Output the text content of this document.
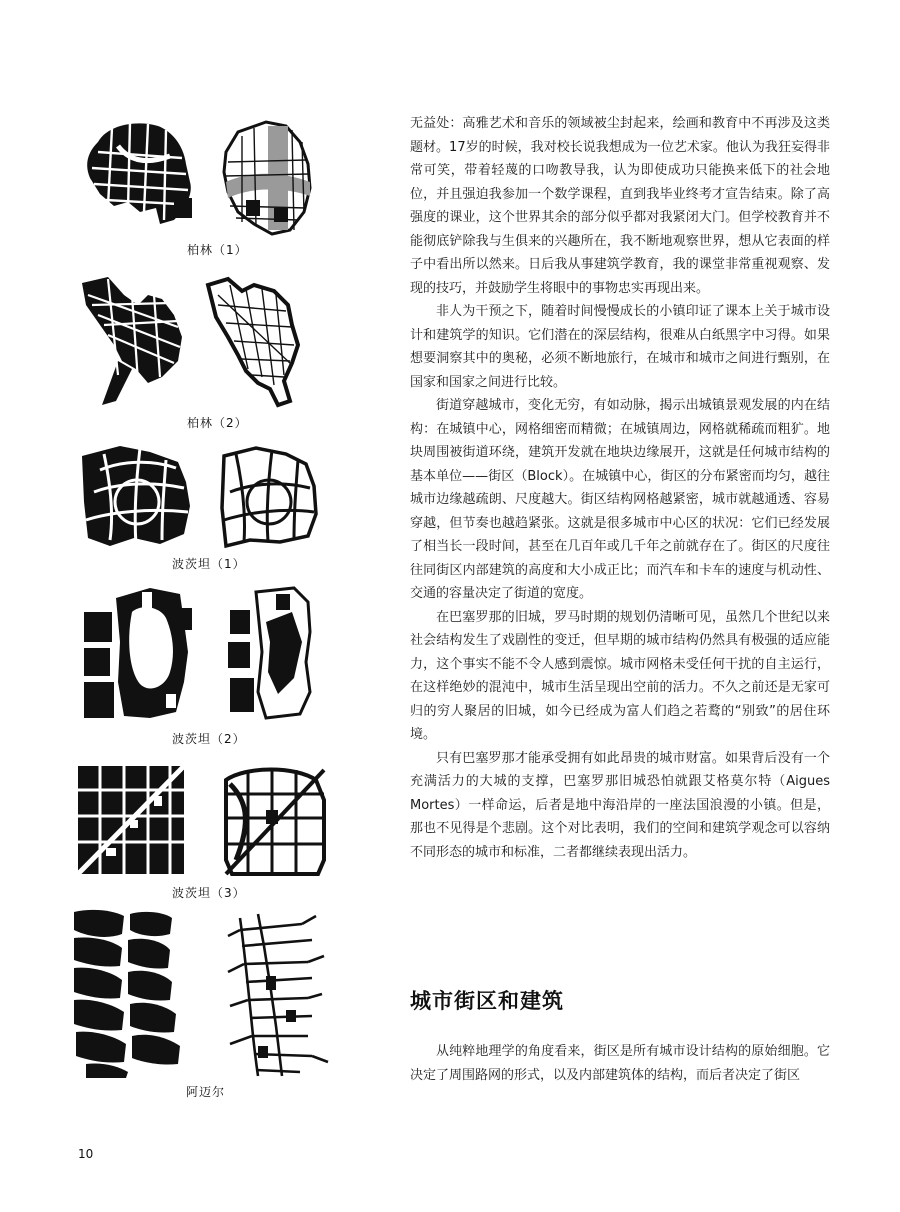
柏林（1）
柏林（2）
波茨坦（1）
波茨坦（2）
波茨坦（3）
阿迈尔

无益处：高雅艺术和音乐的领域被尘封起来，绘画和教育中不再涉及这类题材。17岁的时候，我对校长说我想成为一位艺术家。他认为我狂妄得非常可笑，带着轻蔑的口吻教导我，认为即使成功只能换来低下的社会地位，并且强迫我参加一个数学课程，直到我毕业终考才宣告结束。除了高强度的课业，这个世界其余的部分似乎都对我紧闭大门。但学校教育并不能彻底铲除我与生俱来的兴趣所在，我不断地观察世界，想从它表面的样子中看出所以然来。日后我从事建筑学教育，我的课堂非常重视观察、发现的技巧，并鼓励学生将眼中的事物忠实再现出来。

非人为干预之下，随着时间慢慢成长的小镇印证了课本上关于城市设计和建筑学的知识。它们潜在的深层结构，很难从白纸黑字中习得。如果想要洞察其中的奥秘，必须不断地旅行，在城市和城市之间进行甄别，在国家和国家之间进行比较。

街道穿越城市，变化无穷，有如动脉，揭示出城镇景观发展的内在结构：在城镇中心，网格细密而精微；在城镇周边，网格就稀疏而粗犷。地块周围被街道环绕，建筑开发就在地块边缘展开，这就是任何城市结构的基本单位——街区（Block）。在城镇中心，街区的分布紧密而均匀，越往城市边缘越疏朗、尺度越大。街区结构网格越紧密，城市就越通透、容易穿越，但节奏也越趋紧张。这就是很多城市中心区的状况：它们已经发展了相当长一段时间，甚至在几百年或几千年之前就存在了。街区的尺度往往同街区内部建筑的高度和大小成正比；而汽车和卡车的速度与机动性、交通的容量决定了街道的宽度。

在巴塞罗那的旧城，罗马时期的规划仍清晰可见，虽然几个世纪以来社会结构发生了戏剧性的变迁，但早期的城市结构仍然具有极强的适应能力，这个事实不能不令人感到震惊。城市网格未受任何干扰的自主运行，在这样绝妙的混沌中，城市生活呈现出空前的活力。不久之前还是无家可归的穷人聚居的旧城，如今已经成为富人们趋之若鹜的“别致”的居住环境。

只有巴塞罗那才能承受拥有如此昂贵的城市财富。如果背后没有一个充满活力的大城的支撑，巴塞罗那旧城恐怕就跟艾格莫尔特（Aigues Mortes）一样命运，后者是地中海沿岸的一座法国浪漫的小镇。但是，那也不见得是个悲剧。这个对比表明，我们的空间和建筑学观念可以容纳不同形态的城市和标准，二者都继续表现出活力。

城市街区和建筑

从纯粹地理学的角度看来，街区是所有城市设计结构的原始细胞。它决定了周围路网的形式，以及内部建筑体的结构，而后者决定了街区

10
